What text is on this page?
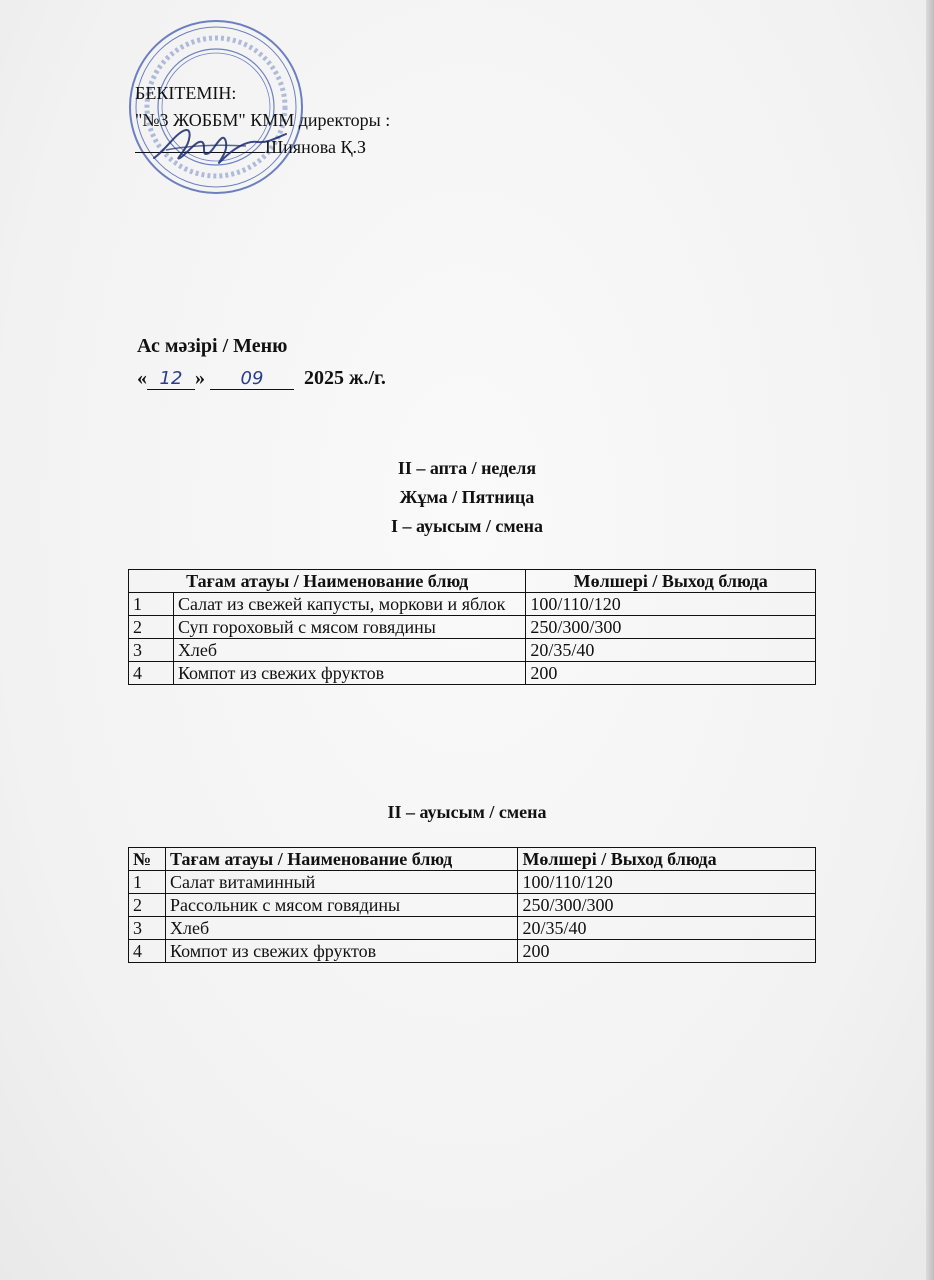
БЕКІТЕМІН:
"№3 ЖОББМ" КММ директоры :
Шиянова Қ.З
Ас мәзірі / Меню
« 12 » 09 2025 ж./г.
ІІ – апта / неделя
Жұма / Пятница
І – ауысым / смена
Тағам атауы / Наименование блюд		Мөлшері / Выход блюда
1	Салат из свежей капусты, моркови и яблок	100/110/120
2	Суп гороховый с мясом говядины	250/300/300
3	Хлеб	20/35/40
4	Компот из свежих фруктов	200
ІІ – ауысым / смена
№	Тағам атауы / Наименование блюд	Мөлшері / Выход блюда
1	Салат витаминный	100/110/120
2	Рассольник с мясом говядины	250/300/300
3	Хлеб	20/35/40
4	Компот из свежих фруктов	200
